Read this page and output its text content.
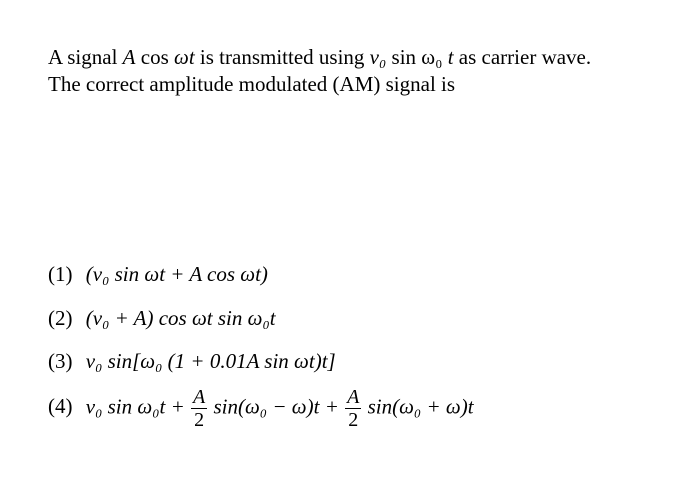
A signal A cos ωt is transmitted using v₀ sin ω₀ t as carrier wave.
The correct amplitude modulated (AM) signal is
(1) (v₀ sin ωt + A cos ωt)
(2) (v₀ + A) cos ωt sin ω₀t
(3) v₀ sin[ω₀ (1 + 0.01A sin ωt)t]
(4) v₀ $\sin \omega_0t + \frac{A}{2} \sin(\omega_0 - \omega)t + \frac{A}{2} \sin(\omega_0 + \omega)t$
